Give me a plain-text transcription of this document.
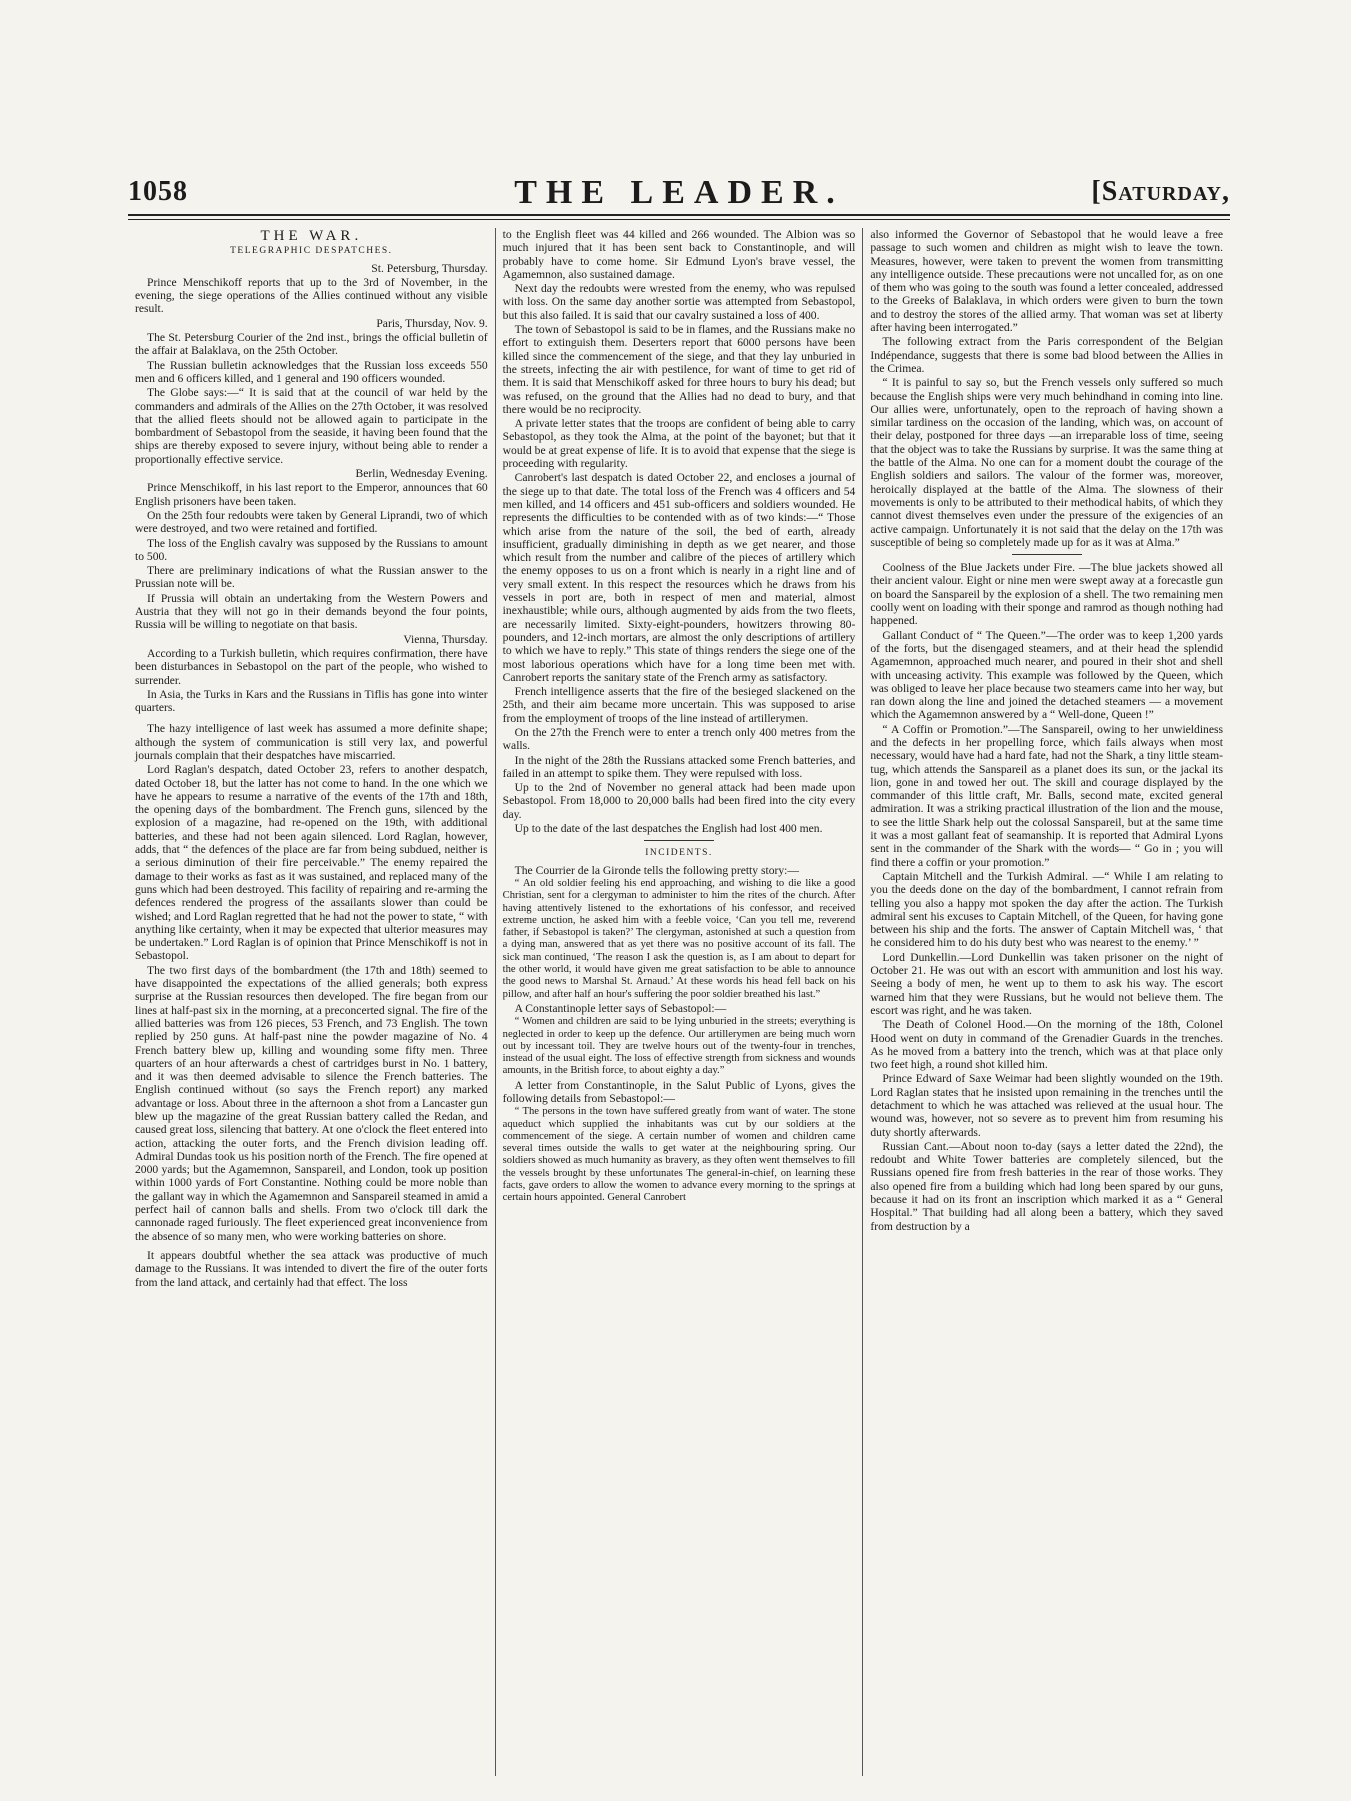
1058	THE LEADER.	[Saturday,
THE WAR.
TELEGRAPHIC DESPATCHES.

St. Petersburg, Thursday.

Prince Menschikoff reports that up to the 3rd of November, in the evening, the siege operations of the Allies continued without any visible result.

Paris, Thursday, Nov. 9.

The St. Petersburg Courier of the 2nd inst., brings the official bulletin of the affair at Balaklava, on the 25th October.

The Russian bulletin acknowledges that the Russian loss exceeds 550 men and 6 officers killed, and 1 general and 190 officers wounded.

The Globe says:—“ It is said that at the council of war held by the commanders and admirals of the Allies on the 27th October, it was resolved that the allied fleets should not be allowed again to participate in the bombardment of Sebastopol from the seaside, it having been found that the ships are thereby exposed to severe injury, without being able to render a proportionally effective service.

Berlin, Wednesday Evening.

Prince Menschikoff, in his last report to the Emperor, announces that 60 English prisoners have been taken.

On the 25th four redoubts were taken by General Liprandi, two of which were destroyed, and two were retained and fortified.

The loss of the English cavalry was supposed by the Russians to amount to 500.

There are preliminary indications of what the Russian answer to the Prussian note will be.

If Prussia will obtain an undertaking from the Western Powers and Austria that they will not go in their demands beyond the four points, Russia will be willing to negotiate on that basis.

Vienna, Thursday.

According to a Turkish bulletin, which requires confirmation, there have been disturbances in Sebastopol on the part of the people, who wished to surrender.

In Asia, the Turks in Kars and the Russians in Tiflis has gone into winter quarters.

The hazy intelligence of last week has assumed a more definite shape; although the system of communication is still very lax, and powerful journals complain that their despatches have miscarried.

Lord Raglan's despatch, dated October 23, refers to another despatch, dated October 18, but the latter has not come to hand. In the one which we have he appears to resume a narrative of the events of the 17th and 18th, the opening days of the bombardment. The French guns, silenced by the explosion of a magazine, had re-opened on the 19th, with additional batteries, and these had not been again silenced. Lord Raglan, however, adds, that “ the defences of the place are far from being subdued, neither is a serious diminution of their fire perceivable.” The enemy repaired the damage to their works as fast as it was sustained, and replaced many of the guns which had been destroyed. This facility of repairing and re-arming the defences rendered the progress of the assailants slower than could be wished; and Lord Raglan regretted that he had not the power to state, “ with anything like certainty, when it may be expected that ulterior measures may be undertaken.” Lord Raglan is of opinion that Prince Menschikoff is not in Sebastopol.

The two first days of the bombardment (the 17th and 18th) seemed to have disappointed the expectations of the allied generals; both express surprise at the Russian resources then developed. The fire began from our lines at half-past six in the morning, at a preconcerted signal. The fire of the allied batteries was from 126 pieces, 53 French, and 73 English. The town replied by 250 guns. At half-past nine the powder magazine of No. 4 French battery blew up, killing and wounding some fifty men. Three quarters of an hour afterwards a chest of cartridges burst in No. 1 battery, and it was then deemed advisable to silence the French batteries. The English continued without (so says the French report) any marked advantage or loss. About three in the afternoon a shot from a Lancaster gun blew up the magazine of the great Russian battery called the Redan, and caused great loss, silencing that battery. At one o'clock the fleet entered into action, attacking the outer forts, and the French division leading off. Admiral Dundas took us his position north of the French. The fire opened at 2000 yards; but the Agamemnon, Sanspareil, and London, took up position within 1000 yards of Fort Constantine. Nothing could be more noble than the gallant way in which the Agamemnon and Sanspareil steamed in amid a perfect hail of cannon balls and shells. From two o'clock till dark the cannonade raged furiously. The fleet experienced great inconvenience from the absence of so many men, who were working batteries on shore.

It appears doubtful whether the sea attack was productive of much damage to the Russians. It was intended to divert the fire of the outer forts from the land attack, and certainly had that effect. The loss

to the English fleet was 44 killed and 266 wounded. The Albion was so much injured that it has been sent back to Constantinople, and will probably have to come home. Sir Edmund Lyon's brave vessel, the Agamemnon, also sustained damage.

Next day the redoubts were wrested from the enemy, who was repulsed with loss. On the same day another sortie was attempted from Sebastopol, but this also failed. It is said that our cavalry sustained a loss of 400.

The town of Sebastopol is said to be in flames, and the Russians make no effort to extinguish them. Deserters report that 6000 persons have been killed since the commencement of the siege, and that they lay unburied in the streets, infecting the air with pestilence, for want of time to get rid of them. It is said that Menschikoff asked for three hours to bury his dead; but was refused, on the ground that the Allies had no dead to bury, and that there would be no reciprocity.

A private letter states that the troops are confident of being able to carry Sebastopol, as they took the Alma, at the point of the bayonet; but that it would be at great expense of life. It is to avoid that expense that the siege is proceeding with regularity.

Canrobert's last despatch is dated October 22, and encloses a journal of the siege up to that date. The total loss of the French was 4 officers and 54 men killed, and 14 officers and 451 sub-officers and soldiers wounded. He represents the difficulties to be contended with as of two kinds:—“ Those which arise from the nature of the soil, the bed of earth, already insufficient, gradually diminishing in depth as we get nearer, and those which result from the number and calibre of the pieces of artillery which the enemy opposes to us on a front which is nearly in a right line and of very small extent. In this respect the resources which he draws from his vessels in port are, both in respect of men and material, almost inexhaustible; while ours, although augmented by aids from the two fleets, are necessarily limited. Sixty-eight-pounders, howitzers throwing 80-pounders, and 12-inch mortars, are almost the only descriptions of artillery to which we have to reply.” This state of things renders the siege one of the most laborious operations which have for a long time been met with. Canrobert reports the sanitary state of the French army as satisfactory.

French intelligence asserts that the fire of the besieged slackened on the 25th, and their aim became more uncertain. This was supposed to arise from the employment of troops of the line instead of artillerymen.

On the 27th the French were to enter a trench only 400 metres from the walls.

In the night of the 28th the Russians attacked some French batteries, and failed in an attempt to spike them. They were repulsed with loss.

Up to the 2nd of November no general attack had been made upon Sebastopol. From 18,000 to 20,000 balls had been fired into the city every day.

Up to the date of the last despatches the English had lost 400 men.

INCIDENTS.

The Courrier de la Gironde tells the following pretty story:—

“ An old soldier feeling his end approaching, and wishing to die like a good Christian, sent for a clergyman to administer to him the rites of the church. After having attentively listened to the exhortations of his confessor, and received extreme unction, he asked him with a feeble voice, ‘Can you tell me, reverend father, if Sebastopol is taken?’ The clergyman, astonished at such a question from a dying man, answered that as yet there was no positive account of its fall. The sick man continued, ‘The reason I ask the question is, as I am about to depart for the other world, it would have given me great satisfaction to be able to announce the good news to Marshal St. Arnaud.’ At these words his head fell back on his pillow, and after half an hour's suffering the poor soldier breathed his last.”

A Constantinople letter says of Sebastopol:—

“ Women and children are said to be lying unburied in the streets; everything is neglected in order to keep up the defence. Our artillerymen are being much worn out by incessant toil. They are twelve hours out of the twenty-four in trenches, instead of the usual eight. The loss of effective strength from sickness and wounds amounts, in the British force, to about eighty a day.”

A letter from Constantinople, in the Salut Public of Lyons, gives the following details from Sebastopol:—

“ The persons in the town have suffered greatly from want of water. The stone aqueduct which supplied the inhabitants was cut by our soldiers at the commencement of the siege. A certain number of women and children came several times outside the walls to get water at the neighbouring spring. Our soldiers showed as much humanity as bravery, as they often went themselves to fill the vessels brought by these unfortunates The general-in-chief, on learning these facts, gave orders to allow the women to advance every morning to the springs at certain hours appointed. General Canrobert

also informed the Governor of Sebastopol that he would leave a free passage to such women and children as might wish to leave the town. Measures, however, were taken to prevent the women from transmitting any intelligence outside. These precautions were not uncalled for, as on one of them who was going to the south was found a letter concealed, addressed to the Greeks of Balaklava, in which orders were given to burn the town and to destroy the stores of the allied army. That woman was set at liberty after having been interrogated.”

The following extract from the Paris correspondent of the Belgian Indépendance, suggests that there is some bad blood between the Allies in the Crimea.

“ It is painful to say so, but the French vessels only suffered so much because the English ships were very much behindhand in coming into line. Our allies were, unfortunately, open to the reproach of having shown a similar tardiness on the occasion of the landing, which was, on account of their delay, postponed for three days —an irreparable loss of time, seeing that the object was to take the Russians by surprise. It was the same thing at the battle of the Alma. No one can for a moment doubt the courage of the English soldiers and sailors. The valour of the former was, moreover, heroically displayed at the battle of the Alma. The slowness of their movements is only to be attributed to their methodical habits, of which they cannot divest themselves even under the pressure of the exigencies of an active campaign. Unfortunately it is not said that the delay on the 17th was susceptible of being so completely made up for as it was at Alma.”

Coolness of the Blue Jackets under Fire. —The blue jackets showed all their ancient valour. Eight or nine men were swept away at a forecastle gun on board the Sanspareil by the explosion of a shell. The two remaining men coolly went on loading with their sponge and ramrod as though nothing had happened.

Gallant Conduct of “ The Queen.”—The order was to keep 1,200 yards of the forts, but the disengaged steamers, and at their head the splendid Agamemnon, approached much nearer, and poured in their shot and shell with unceasing activity. This example was followed by the Queen, which was obliged to leave her place because two steamers came into her way, but ran down along the line and joined the detached steamers — a movement which the Agamemnon answered by a “ Well-done, Queen !”

“ A Coffin or Promotion.”—The Sanspareil, owing to her unwieldiness and the defects in her propelling force, which fails always when most necessary, would have had a hard fate, had not the Shark, a tiny little steam-tug, which attends the Sanspareil as a planet does its sun, or the jackal its lion, gone in and towed her out. The skill and courage displayed by the commander of this little craft, Mr. Balls, second mate, excited general admiration. It was a striking practical illustration of the lion and the mouse, to see the little Shark help out the colossal Sanspareil, but at the same time it was a most gallant feat of seamanship. It is reported that Admiral Lyons sent in the commander of the Shark with the words— “ Go in ; you will find there a coffin or your promotion.”

Captain Mitchell and the Turkish Admiral. —“ While I am relating to you the deeds done on the day of the bombardment, I cannot refrain from telling you also a happy mot spoken the day after the action. The Turkish admiral sent his excuses to Captain Mitchell, of the Queen, for having gone between his ship and the forts. The answer of Captain Mitchell was, ‘ that he considered him to do his duty best who was nearest to the enemy.’ ”

Lord Dunkellin.—Lord Dunkellin was taken prisoner on the night of October 21. He was out with an escort with ammunition and lost his way. Seeing a body of men, he went up to them to ask his way. The escort warned him that they were Russians, but he would not believe them. The escort was right, and he was taken.

The Death of Colonel Hood.—On the morning of the 18th, Colonel Hood went on duty in command of the Grenadier Guards in the trenches. As he moved from a battery into the trench, which was at that place only two feet high, a round shot killed him.

Prince Edward of Saxe Weimar had been slightly wounded on the 19th. Lord Raglan states that he insisted upon remaining in the trenches until the detachment to which he was attached was relieved at the usual hour. The wound was, however, not so severe as to prevent him from resuming his duty shortly afterwards.

Russian Cant.—About noon to-day (says a letter dated the 22nd), the redoubt and White Tower batteries are completely silenced, but the Russians opened fire from fresh batteries in the rear of those works. They also opened fire from a building which had long been spared by our guns, because it had on its front an inscription which marked it as a “ General Hospital.” That building had all along been a battery, which they saved from destruction by a
